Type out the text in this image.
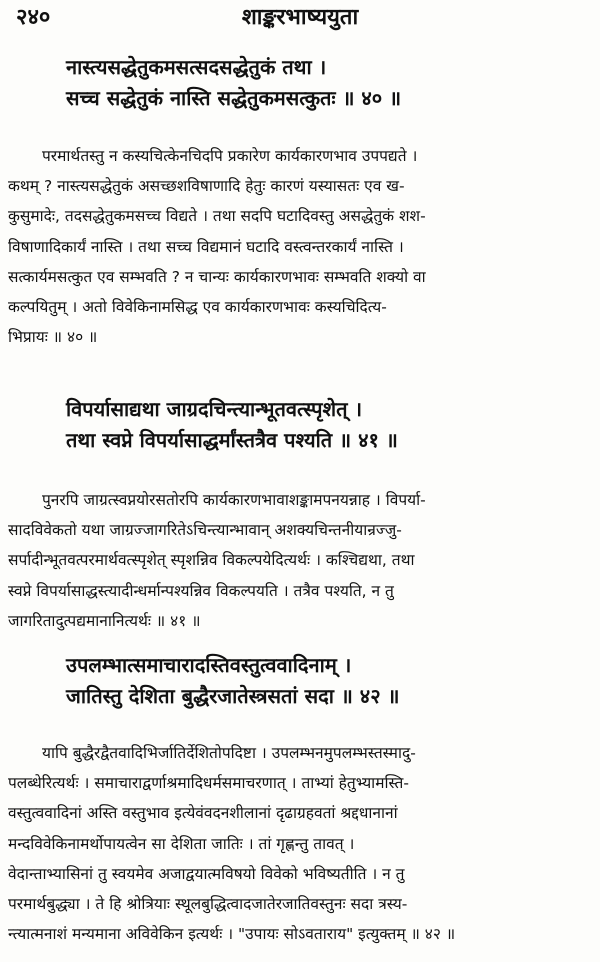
२४०	शाङ्करभाष्ययुता
नास्त्यसद्धेतुकमसत्सदसद्धेतुकं तथा ।
सच्च सद्धेतुकं नास्ति सद्धेतुकमसत्कुतः ॥ ४० ॥
परमार्थतस्तु न कस्यचित्केनचिदपि प्रकारेण कार्यकारणभाव उपपद्यते ।
कथम् ? नास्त्यसद्धेतुकं असच्छशविषाणादि हेतुः कारणं यस्यासतः एव ख-
कुसुमादेः, तदसद्धेतुकमसच्च विद्यते । तथा सदपि घटादिवस्तु असद्धेतुकं शश-
विषाणादिकार्यं नास्ति । तथा सच्च विद्यमानं घटादि वस्त्वन्तरकार्यं नास्ति ।
सत्कार्यमसत्कुत एव सम्भवति ? न चान्यः कार्यकारणभावः सम्भवति शक्यो वा
कल्पयितुम् । अतो विवेकिनामसिद्ध एव कार्यकारणभावः कस्यचिदित्य-
भिप्रायः ॥ ४० ॥
विपर्यासाद्यथा जाग्रदचिन्त्यान्भूतवत्स्पृशेत् ।
तथा स्वप्ने विपर्यासाद्धर्मांस्तत्रैव पश्यति ॥ ४१ ॥
पुनरपि जाग्रत्स्वप्नयोरसतोरपि कार्यकारणभावाशङ्कामपनयन्नाह । विपर्या-
सादविवेकतो यथा जाग्रज्जागरितेऽचिन्त्यान्भावान् अशक्यचिन्तनीयान्रज्जु-
सर्पादीन्भूतवत्परमार्थवत्स्पृशेत् स्पृशन्निव विकल्पयेदित्यर्थः । कश्चिद्यथा, तथा
स्वप्ने विपर्यासाद्धस्त्यादीन्धर्मान्पश्यन्निव विकल्पयति । तत्रैव पश्यति, न तु
जागरितादुत्पद्यमानानित्यर्थः ॥ ४१ ॥
उपलम्भात्समाचारादस्तिवस्तुत्ववादिनाम् ।
जातिस्तु देशिता बुद्धैरजातेस्त्रसतां सदा ॥ ४२ ॥
यापि बुद्धैरद्वैतवादिभिर्जातिर्देशितोपदिष्टा । उपलम्भनमुपलम्भस्तस्मादु-
पलब्धेरित्यर्थः । समाचाराद्वर्णाश्रमादिधर्मसमाचरणात् । ताभ्यां हेतुभ्यामस्ति-
वस्तुत्ववादिनां अस्ति वस्तुभाव इत्येवंवदनशीलानां दृढाग्रहवतां श्रद्दधानानां
मन्दविवेकिनामर्थोपायत्वेन सा देशिता जातिः । तां गृह्णन्तु तावत् ।
वेदान्ताभ्यासिनां तु स्वयमेव अजाद्वयात्मविषयो विवेको भविष्यतीति । न तु
परमार्थबुद्ध्या । ते हि श्रोत्रियाः स्थूलबुद्धित्वादजातेरजातिवस्तुनः सदा त्रस्य-
न्त्यात्मनाशं मन्यमाना अविवेकिन इत्यर्थः । "उपायः सोऽवताराय" इत्युक्तम् ॥ ४२ ॥
